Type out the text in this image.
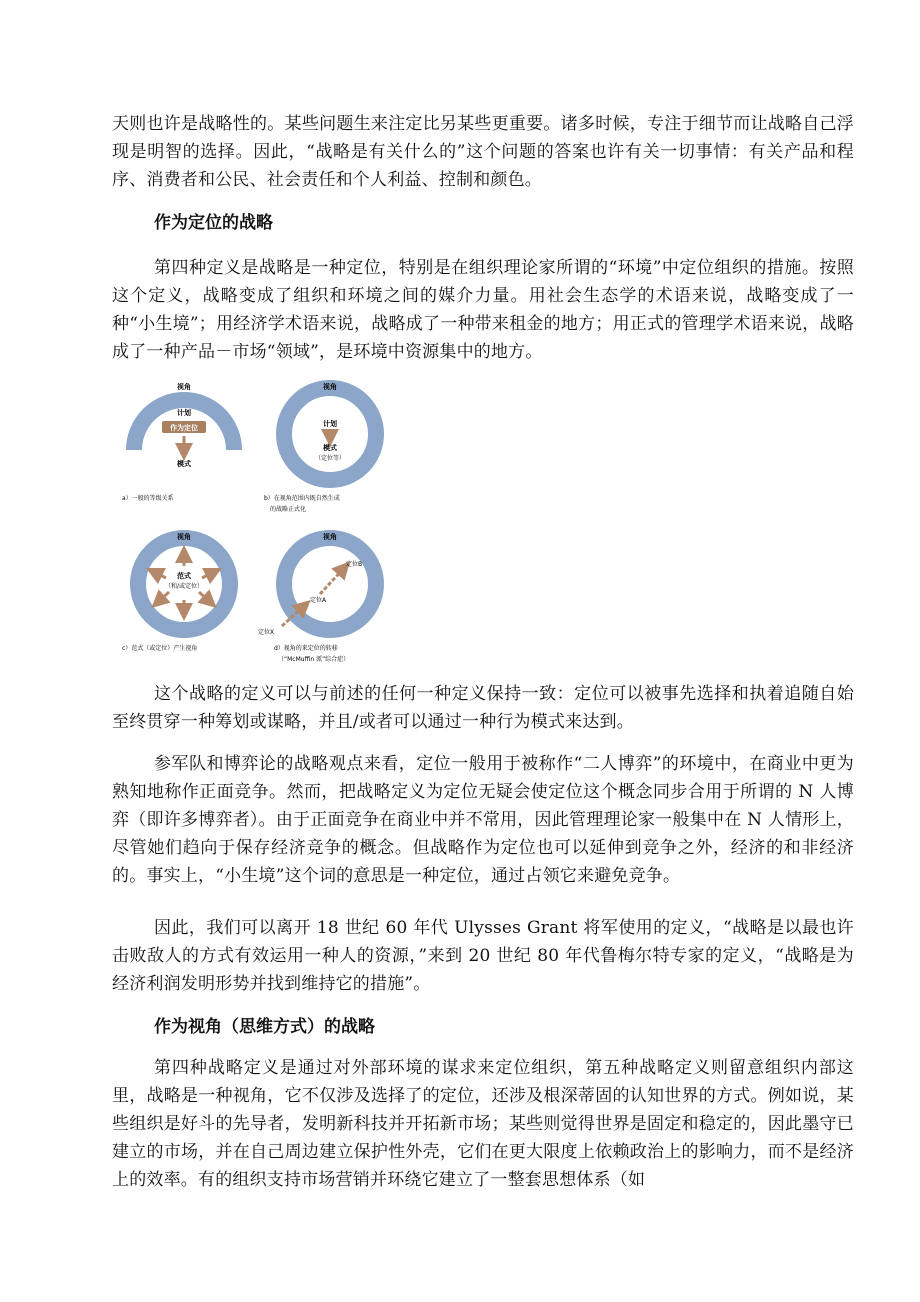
天则也许是战略性的。某些问题生来注定比另某些更重要。诸多时候，专注于细节而让战略自己浮现是明智的选择。因此，“战略是有关什么的”这个问题的答案也许有关一切事情：有关产品和程序、消费者和公民、社会责任和个人利益、控制和颜色。

作为定位的战略

第四种定义是战略是一种定位，特别是在组织理论家所谓的“环境”中定位组织的措施。按照这个定义，战略变成了组织和环境之间的媒介力量。用社会生态学的术语来说，战略变成了一种“小生境”；用经济学术语来说，战略成了一种带来租金的地方；用正式的管理学术语来说，战略成了一种产品－市场“领域”，是环境中资源集中的地方。

视角
计划
作为定位
模式
a）一般的等级关系
视角
计划
模式
（定位等）
b）在视角范围内既自然生成
的战略正式化
视角
范式
（和/或定位）
c）范式（或定位）产生视角
视角
定位B
定位A
定位X
d）视角的来定位的转移
（“McMuffin 派”综合症）

这个战略的定义可以与前述的任何一种定义保持一致：定位可以被事先选择和执着追随自始至终贯穿一种筹划或谋略，并且/或者可以通过一种行为模式来达到。

参军队和博弈论的战略观点来看，定位一般用于被称作“二人博弈”的环境中，在商业中更为熟知地称作正面竞争。然而，把战略定义为定位无疑会使定位这个概念同步合用于所谓的 N 人博弈（即许多博弈者）。由于正面竞争在商业中并不常用，因此管理理论家一般集中在 N 人情形上，尽管她们趋向于保存经济竞争的概念。但战略作为定位也可以延伸到竞争之外，经济的和非经济的。事实上，“小生境”这个词的意思是一种定位，通过占领它来避免竞争。

因此，我们可以离开 18 世纪 60 年代 Ulysses Grant 将军使用的定义，“战略是以最也许击败敌人的方式有效运用一种人的资源，”来到 20 世纪 80 年代鲁梅尔特专家的定义，“战略是为经济利润发明形势并找到维持它的措施”。

作为视角（思维方式）的战略

第四种战略定义是通过对外部环境的谋求来定位组织，第五种战略定义则留意组织内部这里，战略是一种视角，它不仅涉及选择了的定位，还涉及根深蒂固的认知世界的方式。例如说，某些组织是好斗的先导者，发明新科技并开拓新市场；某些则觉得世界是固定和稳定的，因此墨守已建立的市场，并在自己周边建立保护性外壳，它们在更大限度上依赖政治上的影响力，而不是经济上的效率。有的组织支持市场营销并环绕它建立了一整套思想体系（如
